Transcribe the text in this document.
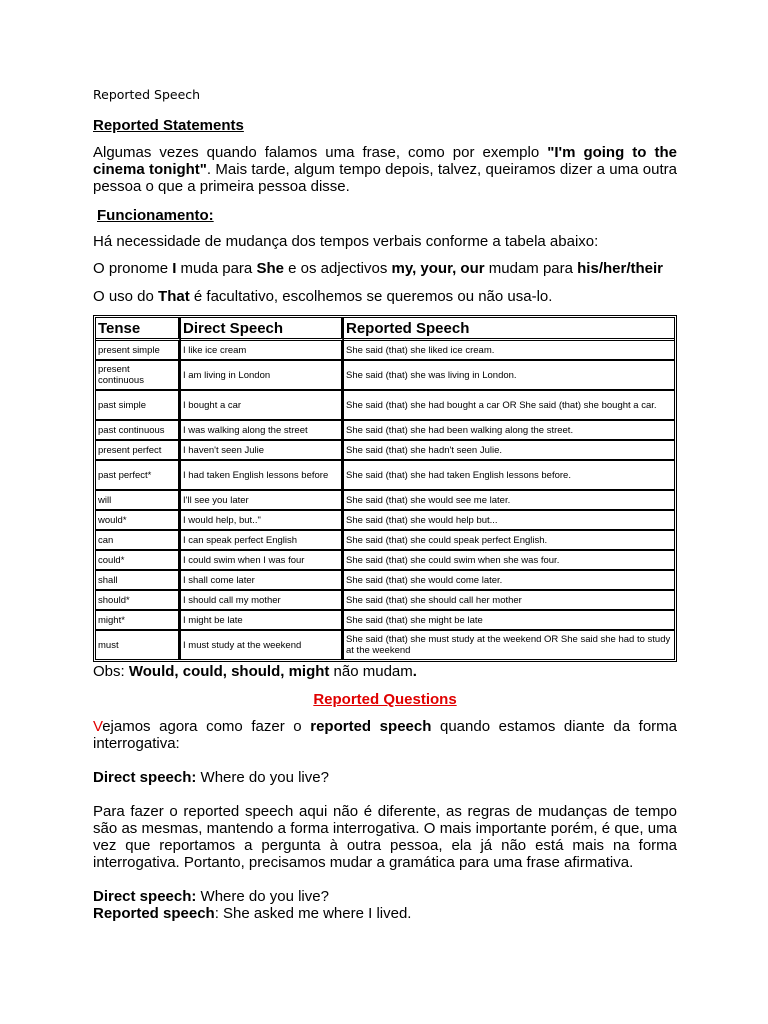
Reported Speech
Reported Statements
Algumas vezes quando falamos uma frase, como por exemplo "I'm going to the cinema tonight". Mais tarde, algum tempo depois, talvez, queiramos dizer a uma outra pessoa o que a primeira pessoa disse.
Funcionamento:
Há necessidade de mudança dos tempos verbais conforme a tabela abaixo:
O pronome I muda para She e os adjectivos my, your, our mudam para his/her/their
O uso do That é facultativo, escolhemos se queremos ou não usa-lo.
Tense	Direct Speech	Reported Speech
present simple	I like ice cream	She said (that) she liked ice cream.
present continuous	I am living in London	She said (that) she was living in London.
past simple	I bought a car	She said (that) she had bought a car OR She said (that) she bought a car.
past continuous	I was walking along the street	She said (that) she had been walking along the street.
present perfect	I haven't seen Julie	She said (that) she hadn't seen Julie.
past perfect*	I had taken English lessons before	She said (that) she had taken English lessons before.
will	I'll see you later	She said (that) she would see me later.
would*	I would help, but.."	She said (that) she would help but...
can	I can speak perfect English	She said (that) she could speak perfect English.
could*	I could swim when I was four	She said (that) she could swim when she was four.
shall	I shall come later	She said (that) she would come later.
should*	I should call my mother	She said (that) she should call her mother
might*	I might be late	She said (that) she might be late
must	I must study at the weekend	She said (that) she must study at the weekend OR She said she had to study at the weekend
Obs: Would, could, should, might não mudam.
Reported Questions
Vejamos agora como fazer o reported speech quando estamos diante da forma interrogativa:
Direct speech: Where do you live?
Para fazer o reported speech aqui não é diferente, as regras de mudanças de tempo são as mesmas, mantendo a forma interrogativa. O mais importante porém, é que, uma vez que reportamos a pergunta à outra pessoa, ela já não está mais na forma interrogativa. Portanto, precisamos mudar a gramática para uma frase afirmativa.
Direct speech: Where do you live?
Reported speech: She asked me where I lived.
